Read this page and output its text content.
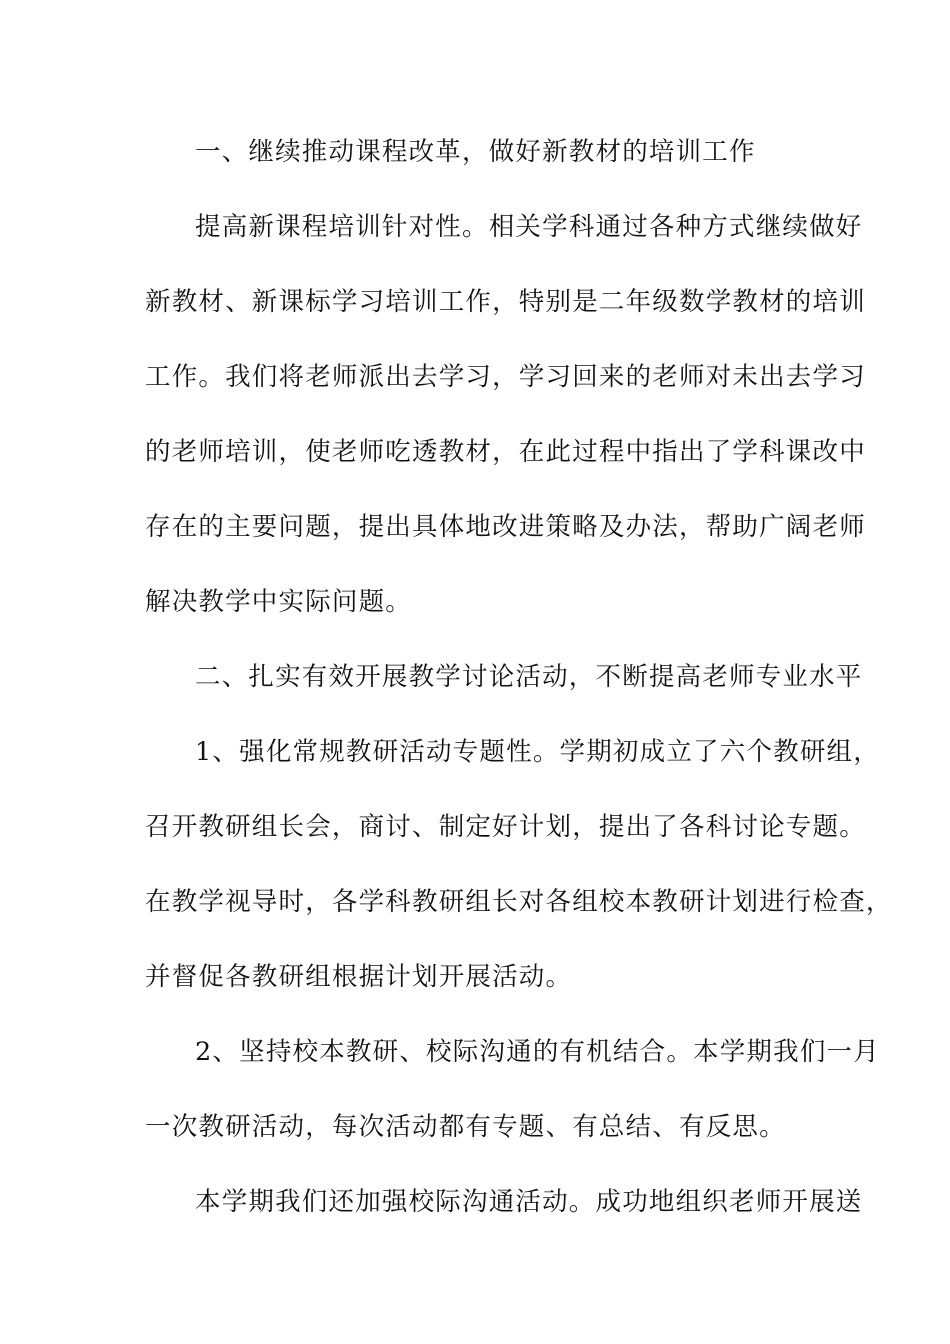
一、继续推动课程改革，做好新教材的培训工作
提高新课程培训针对性。相关学科通过各种方式继续做好
新教材、新课标学习培训工作，特别是二年级数学教材的培训
工作。我们将老师派出去学习，学习回来的老师对未出去学习
的老师培训，使老师吃透教材，在此过程中指出了学科课改中
存在的主要问题，提出具体地改进策略及办法，帮助广阔老师
解决教学中实际问题。
二、扎实有效开展教学讨论活动，不断提高老师专业水平
1、强化常规教研活动专题性。学期初成立了六个教研组，
召开教研组长会，商讨、制定好计划，提出了各科讨论专题。
在教学视导时，各学科教研组长对各组校本教研计划进行检查，
并督促各教研组根据计划开展活动。
2、坚持校本教研、校际沟通的有机结合。本学期我们一月
一次教研活动，每次活动都有专题、有总结、有反思。
本学期我们还加强校际沟通活动。成功地组织老师开展送
